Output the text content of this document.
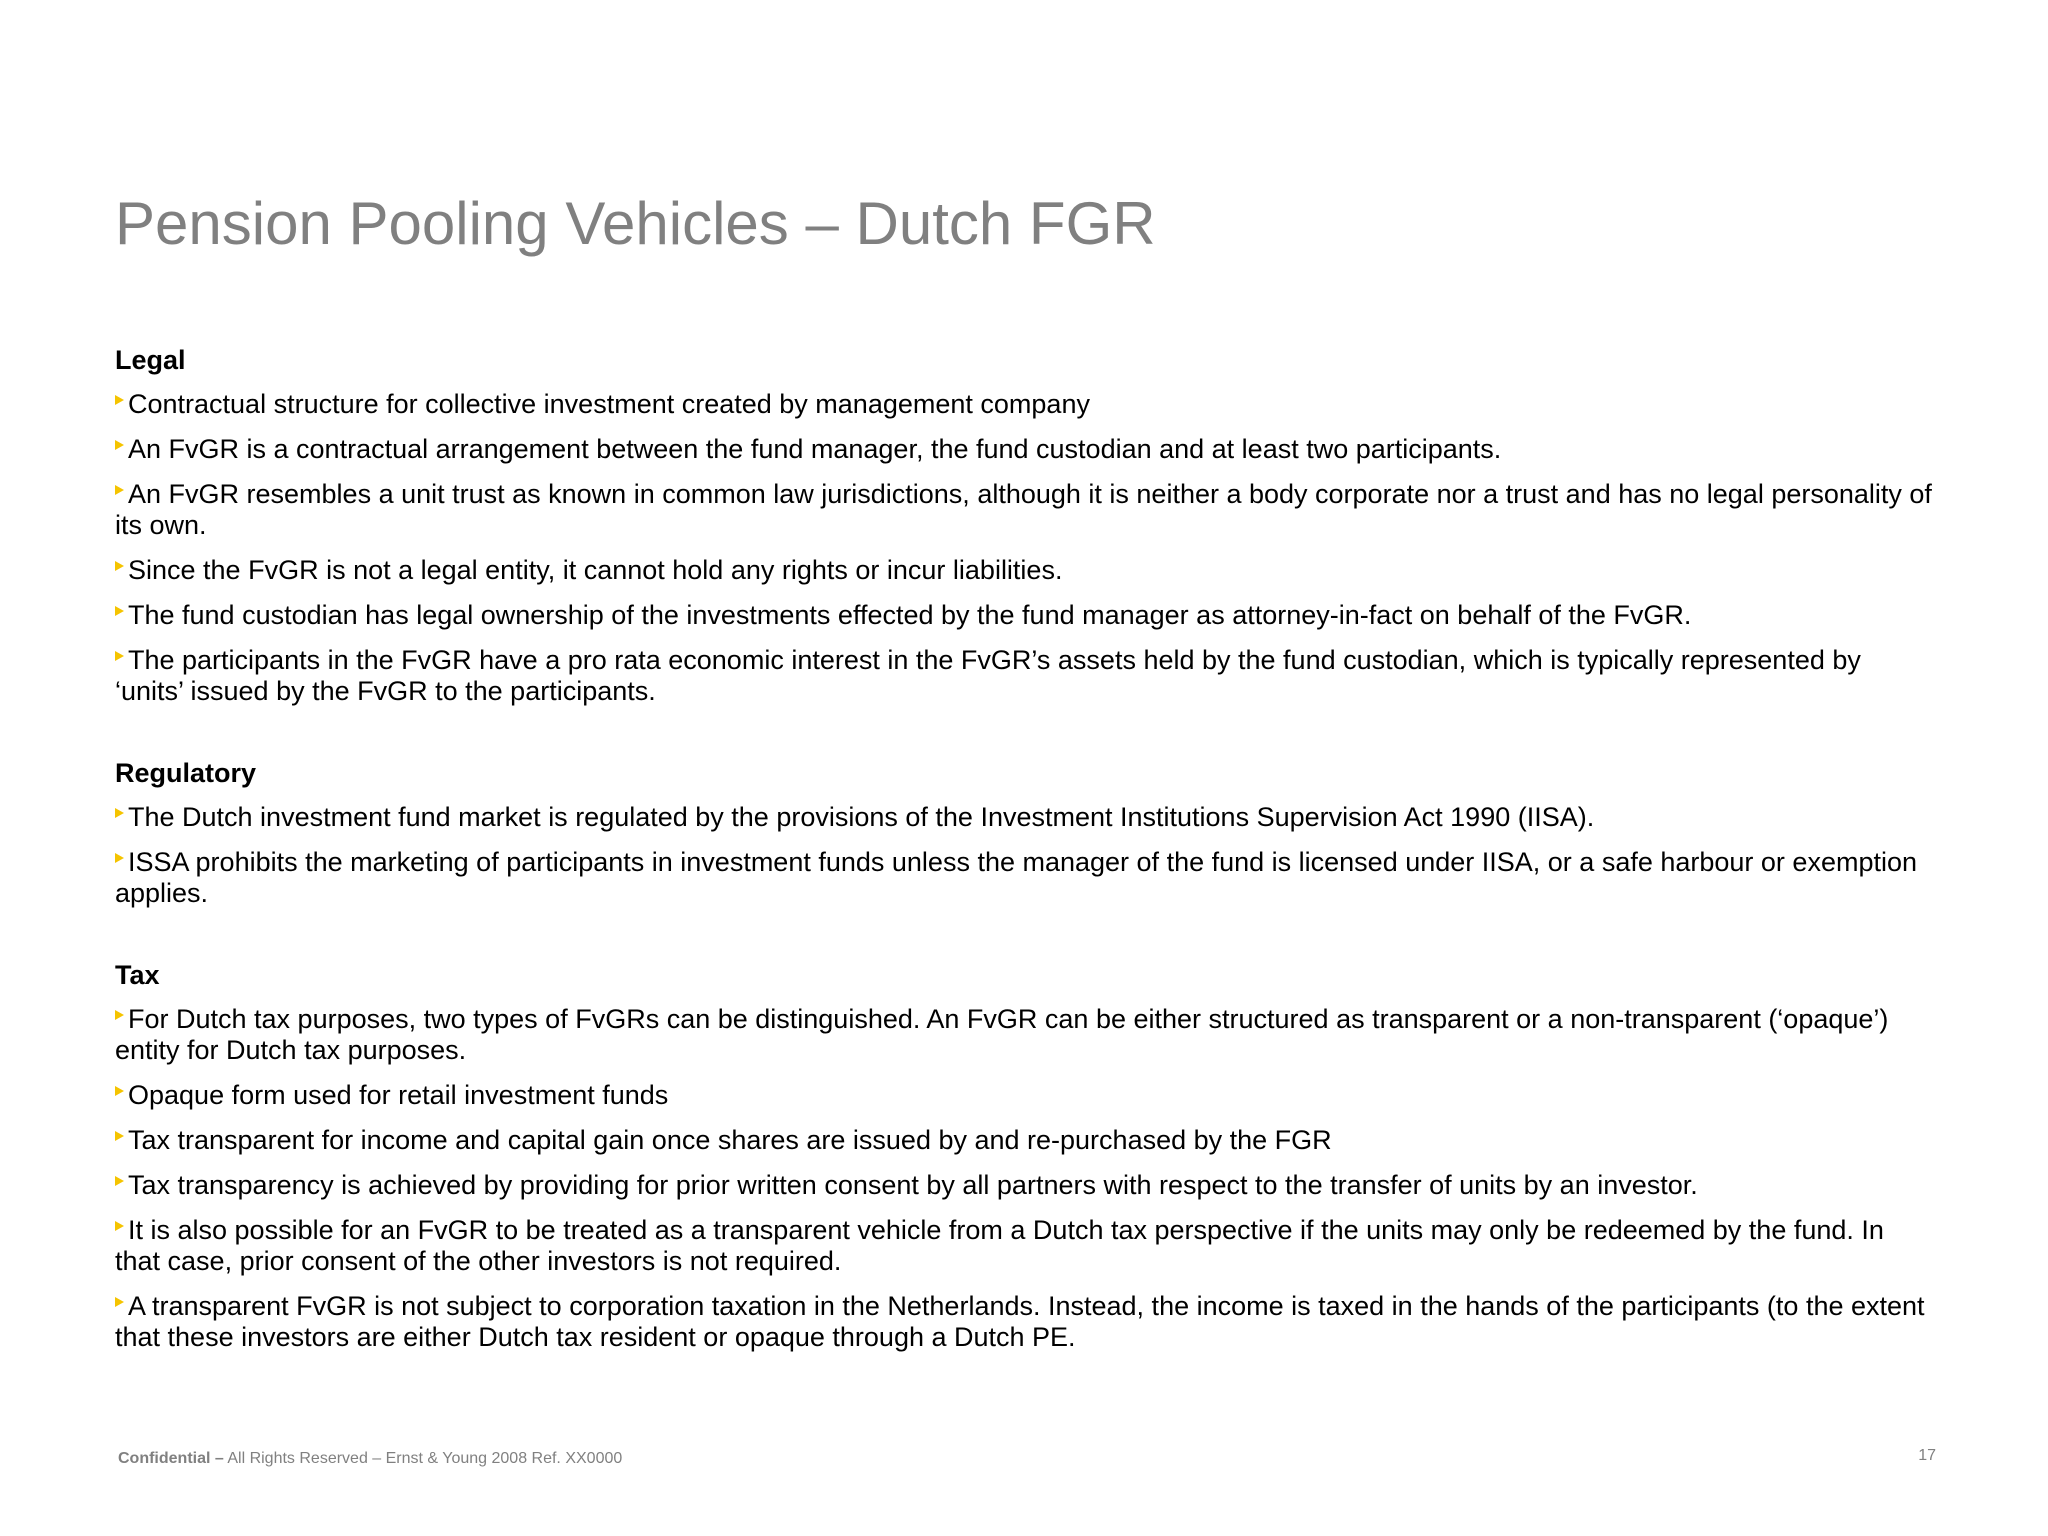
Pension Pooling Vehicles – Dutch FGR
Legal
Contractual structure for collective investment created by management company
An FvGR is a contractual arrangement between the fund manager, the fund custodian and at least two participants.
An FvGR resembles a unit trust as known in common law jurisdictions, although it is neither a body corporate nor a trust and has no legal personality of its own.
Since the FvGR is not a legal entity, it cannot hold any rights or incur liabilities.
The fund custodian has legal ownership of the investments effected by the fund manager as attorney-in-fact on behalf of the FvGR.
The participants in the FvGR have a pro rata economic interest in the FvGR’s assets held by the fund custodian, which is typically represented by ‘units’ issued by the FvGR to the participants.
Regulatory
The Dutch investment fund market is regulated by the provisions of the Investment Institutions Supervision Act 1990 (IISA).
ISSA prohibits the marketing of participants in investment funds unless the manager of the fund is licensed under IISA, or a safe harbour or exemption applies.
Tax
For Dutch tax purposes, two types of FvGRs can be distinguished. An FvGR can be either structured as transparent or a non-transparent (‘opaque’) entity for Dutch tax purposes.
Opaque form used for retail investment funds
Tax transparent for income and capital gain once shares are issued by and re-purchased by the FGR
Tax transparency is achieved by providing for prior written consent by all partners with respect to the transfer of units by an investor.
It is also possible for an FvGR to be treated as a transparent vehicle from a Dutch tax perspective if the units may only be redeemed by the fund. In that case, prior consent of the other investors is not required.
A transparent FvGR is not subject to corporation taxation in the Netherlands. Instead, the income is taxed in the hands of the participants (to the extent that these investors are either Dutch tax resident or opaque through a Dutch PE.
Confidential – All Rights Reserved – Ernst & Young 2008 Ref. XX0000	17
